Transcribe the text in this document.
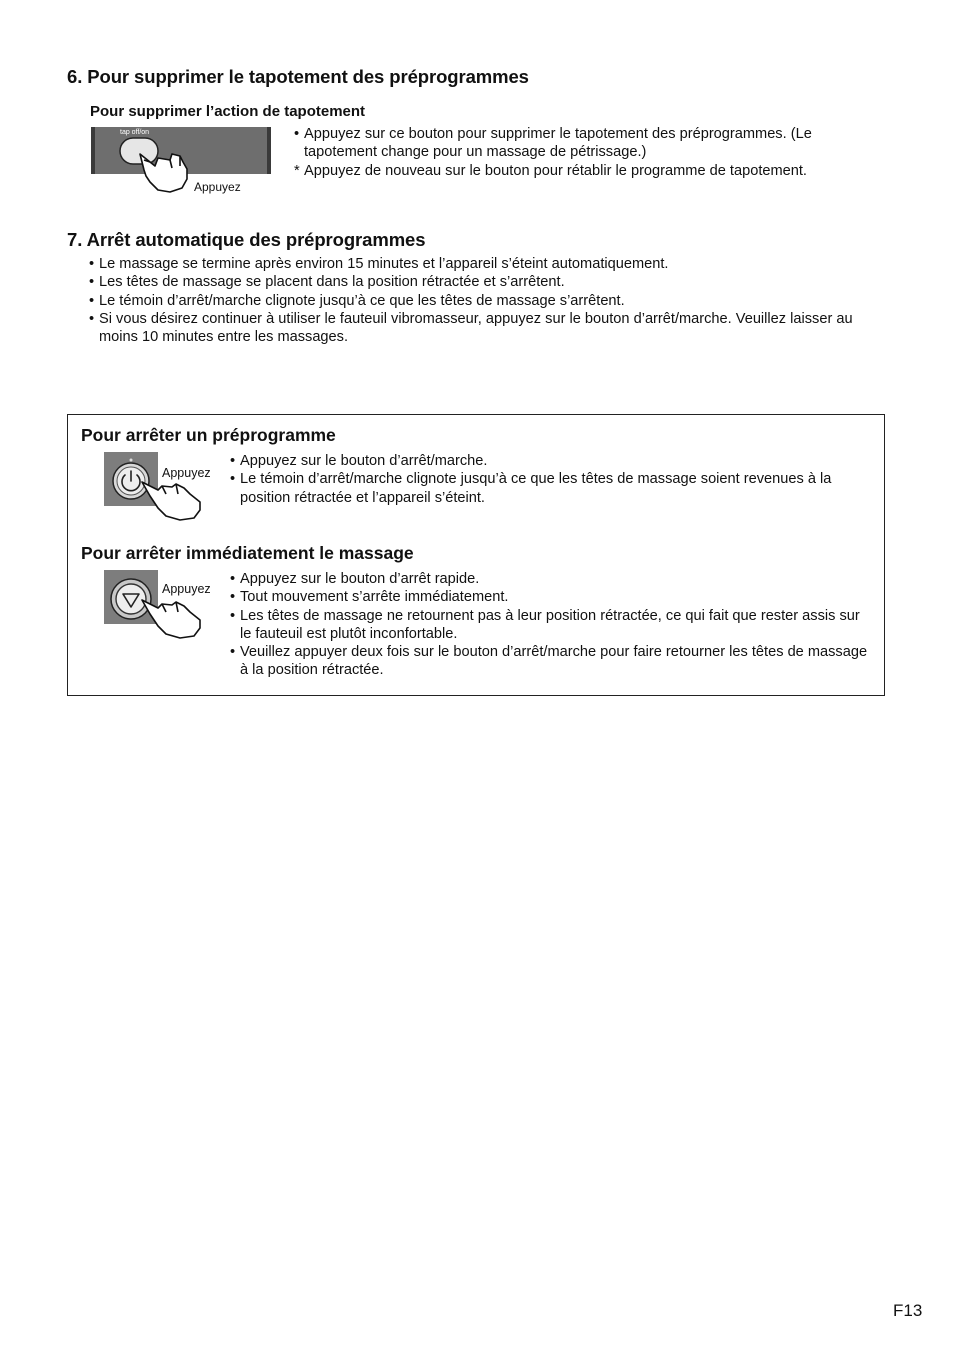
6. Pour supprimer le tapotement des préprogrammes
Pour supprimer l’action de tapotement
tap off/on
Appuyez
• Appuyez sur ce bouton pour supprimer le tapotement des préprogrammes. (Le tapotement change pour un massage de pétrissage.)
* Appuyez de nouveau sur le bouton pour rétablir le programme de tapotement.
7. Arrêt automatique des préprogrammes
• Le massage se termine après environ 15 minutes et l’appareil s’éteint automatiquement.
• Les têtes de massage se placent dans la position rétractée et s’arrêtent.
• Le témoin d’arrêt/marche clignote jusqu’à ce que les têtes de massage s’arrêtent.
• Si vous désirez continuer à utiliser le fauteuil vibromasseur, appuyez sur le bouton d’arrêt/marche. Veuillez laisser au moins 10 minutes entre les massages.
Pour arrêter un préprogramme
Appuyez
• Appuyez sur le bouton d’arrêt/marche.
• Le témoin d’arrêt/marche clignote jusqu’à ce que les têtes de massage soient revenues à la position rétractée et l’appareil s’éteint.
Pour arrêter immédiatement le massage
Appuyez
• Appuyez sur le bouton d’arrêt rapide.
• Tout mouvement s’arrête immédiatement.
• Les têtes de massage ne retournent pas à leur position rétractée, ce qui fait que rester assis sur le fauteuil est plutôt inconfortable.
• Veuillez appuyer deux fois sur le bouton d’arrêt/marche pour faire retourner les têtes de massage à la position rétractée.
F13
